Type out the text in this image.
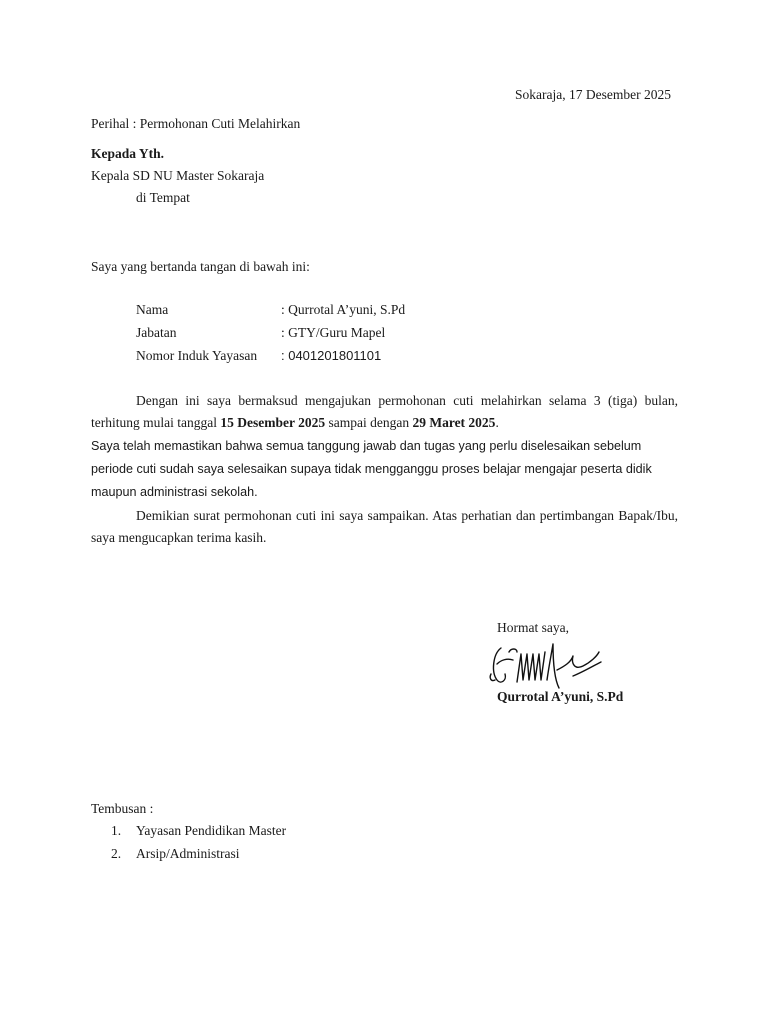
Sokaraja, 17 Desember 2025
Perihal : Permohonan Cuti Melahirkan
Kepada Yth.
Kepala SD NU Master Sokaraja
di Tempat
Saya yang bertanda tangan di bawah ini:
Nama	: Qurrotal A’yuni, S.Pd
Jabatan	: GTY/Guru Mapel
Nomor Induk Yayasan	: 0401201801101
Dengan ini saya bermaksud mengajukan permohonan cuti melahirkan selama 3 (tiga) bulan, terhitung mulai tanggal 15 Desember 2025 sampai dengan 29 Maret 2025.
Saya telah memastikan bahwa semua tanggung jawab dan tugas yang perlu diselesaikan sebelum periode cuti sudah saya selesaikan supaya tidak mengganggu proses belajar mengajar peserta didik maupun administrasi sekolah.
Demikian surat permohonan cuti ini saya sampaikan. Atas perhatian dan pertimbangan Bapak/Ibu, saya mengucapkan terima kasih.
Hormat saya,
Qurrotal A’yuni, S.Pd
Tembusan :
1. Yayasan Pendidikan Master
2. Arsip/Administrasi
